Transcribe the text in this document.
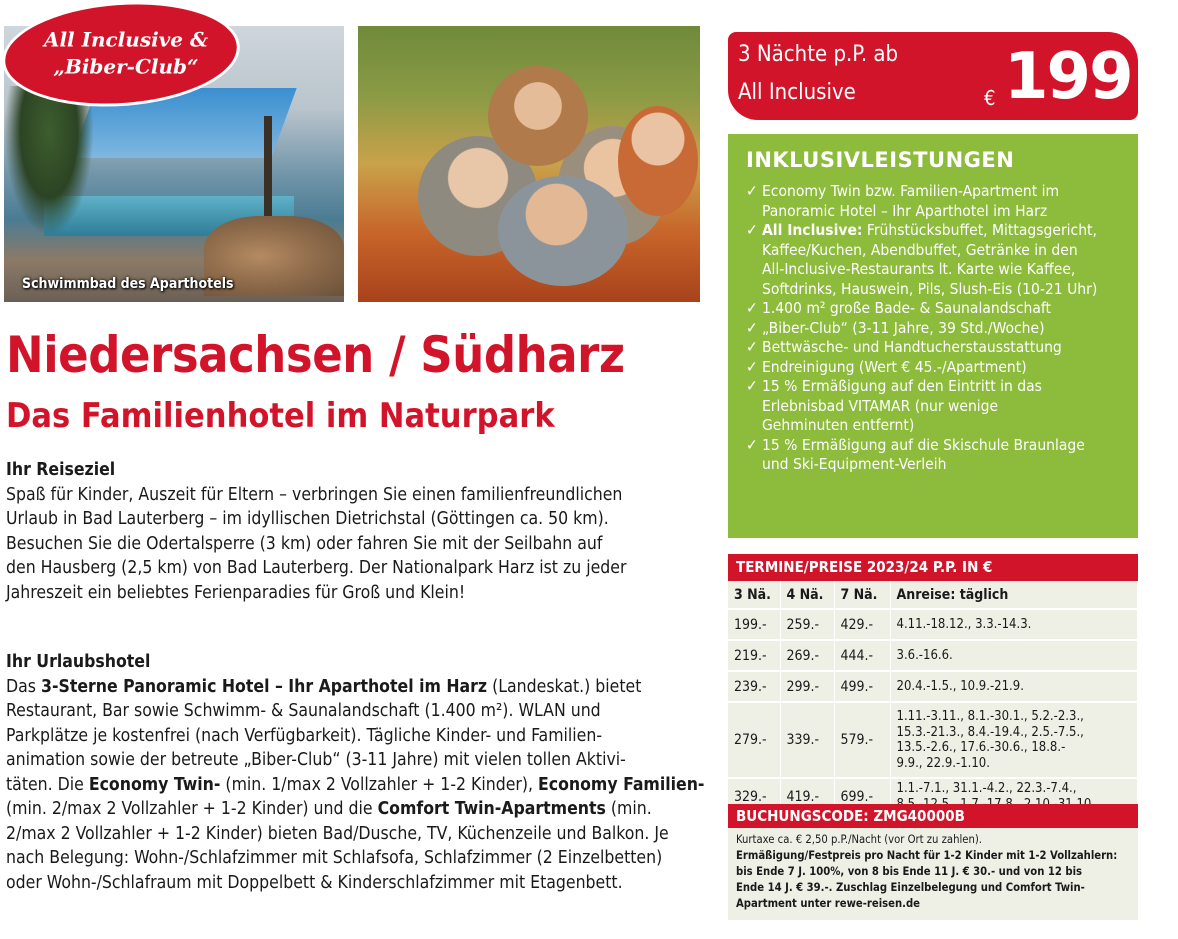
Schwimmbad des Aparthotels
All Inclusive &
„Biber-Club“
Niedersachsen / Südharz
Das Familienhotel im Naturpark
Ihr Reiseziel
Spaß für Kinder, Auszeit für Eltern – verbringen Sie einen familienfreundlichen
Urlaub in Bad Lauterberg – im idyllischen Dietrichstal (Göttingen ca. 50 km).
Besuchen Sie die Odertalsperre (3 km) oder fahren Sie mit der Seilbahn auf
den Hausberg (2,5 km) von Bad Lauterberg. Der Nationalpark Harz ist zu jeder
Jahreszeit ein beliebtes Ferienparadies für Groß und Klein!
Ihr Urlaubshotel
Das 3-Sterne Panoramic Hotel – Ihr Aparthotel im Harz (Landeskat.) bietet
Restaurant, Bar sowie Schwimm- & Saunalandschaft (1.400 m²). WLAN und
Parkplätze je kostenfrei (nach Verfügbarkeit). Tägliche Kinder- und Familien-
animation sowie der betreute „Biber-Club“ (3-11 Jahre) mit vielen tollen Aktivi-
täten. Die Economy Twin- (min. 1/max 2 Vollzahler + 1-2 Kinder), Economy Familien-
(min. 2/max 2 Vollzahler + 1-2 Kinder) und die Comfort Twin-Apartments (min.
2/max 2 Vollzahler + 1-2 Kinder) bieten Bad/Dusche, TV, Küchenzeile und Balkon. Je
nach Belegung: Wohn-/Schlafzimmer mit Schlafsofa, Schlafzimmer (2 Einzelbetten)
oder Wohn-/Schlafraum mit Doppelbett & Kinderschlafzimmer mit Etagenbett.
3 Nächte p.P. ab
All Inclusive	€ 199.-
INKLUSIVLEISTUNGEN
✓ Economy Twin bzw. Familien-Apartment im
Panoramic Hotel – Ihr Aparthotel im Harz
✓ All Inclusive: Frühstücksbuffet, Mittagsgericht,
Kaffee/Kuchen, Abendbuffet, Getränke in den
All-Inclusive-Restaurants lt. Karte wie Kaffee,
Softdrinks, Hauswein, Pils, Slush-Eis (10-21 Uhr)
✓ 1.400 m² große Bade- & Saunalandschaft
✓ „Biber-Club“ (3-11 Jahre, 39 Std./Woche)
✓ Bettwäsche- und Handtucherstausstattung
✓ Endreinigung (Wert € 45.-/Apartment)
✓ 15 % Ermäßigung auf den Eintritt in das
Erlebnisbad VITAMAR (nur wenige
Gehminuten entfernt)
✓ 15 % Ermäßigung auf die Skischule Braunlage
und Ski-Equipment-Verleih
TERMINE/PREISE 2023/24 P.P. IN €
3 Nä.	4 Nä.	7 Nä.	Anreise: täglich
199.-	259.-	429.-	4.11.-18.12., 3.3.-14.3.

219.-	269.-	444.-	3.6.-16.6.

239.-	299.-	499.-	20.4.-1.5., 10.9.-21.9.

279.-	339.-	579.-	1.11.-3.11., 8.1.-30.1., 5.2.-2.3.,
15.3.-21.3., 8.4.-19.4., 2.5.-7.5.,
13.5.-2.6., 17.6.-30.6., 18.8.-
9.9., 22.9.-1.10.

329.-	419.-	699.-	1.1.-7.1., 31.1.-4.2., 22.3.-7.4.,
BUCHUNGSCODE: ZMG40000B
Kurtaxe ca. € 2,50 p.P./Nacht (vor Ort zu zahlen).
Ermäßigung/Festpreis pro Nacht für 1-2 Kinder mit 1-2 Vollzahlern:
bis Ende 7 J. 100%, von 8 bis Ende 11 J. € 30.- und von 12 bis
Ende 14 J. € 39.-. Zuschlag Einzelbelegung und Comfort Twin-
Apartment unter rewe-reisen.de
